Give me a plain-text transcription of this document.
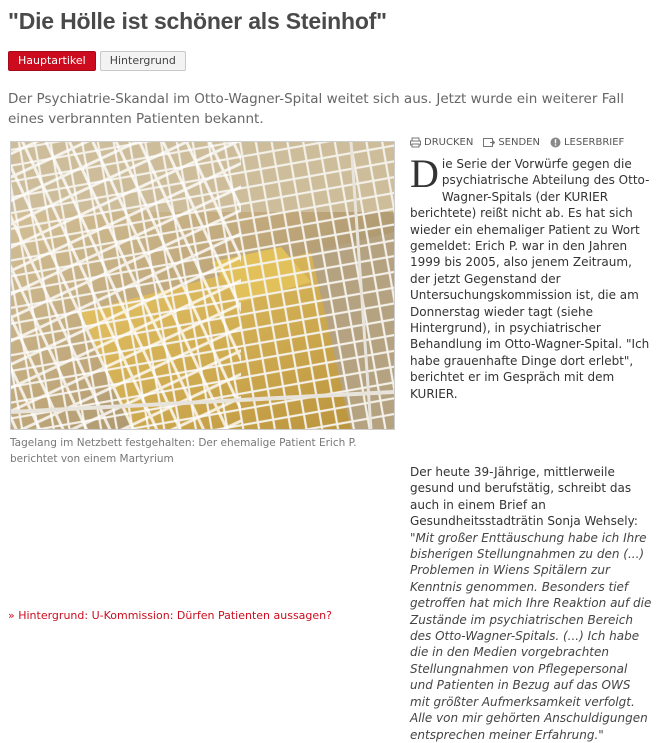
"Die Hölle ist schöner als Steinhof"
Hauptartikel	Hintergrund
Der Psychiatrie-Skandal im Otto-Wagner-Spital weitet sich aus. Jetzt wurde ein weiterer Fall eines verbrannten Patienten bekannt.
Tagelang im Netzbett festgehalten: Der ehemalige Patient Erich P. berichtet von einem Martyrium
DRUCKEN	SENDEN LESERBRIEF
D ie Serie der Vorwürfe gegen die psychiatrische Abteilung des Otto-Wagner-Spitals (der KURIER berichtete) reißt nicht ab. Es hat sich wieder ein ehemaliger Patient zu Wort gemeldet: Erich P. war in den Jahren 1999 bis 2005, also jenem Zeitraum, der jetzt Gegenstand der Untersuchungskommission ist, die am Donnerstag wieder tagt (siehe Hintergrund), in psychiatrischer Behandlung im Otto-Wagner-Spital. "Ich habe grauenhafte Dinge dort erlebt", berichtet er im Gespräch mit dem KURIER.

Der heute 39-Jährige, mittlerweile gesund und berufstätig, schreibt das auch in einem Brief an Gesundheitsstadträtin Sonja Wehsely: "Mit großer Enttäuschung habe ich Ihre bisherigen Stellungnahmen zu den (...) Problemen in Wiens Spitälern zur Kenntnis genommen. Besonders tief getroffen hat mich Ihre Reaktion auf die Zustände im psychiatrischen Bereich des Otto-Wagner-Spitals. (...) Ich habe die in den Medien vorgebrachten Stellungnahmen von Pflegepersonal und Patienten in Bezug auf das OWS mit größter Aufmerksamkeit verfolgt. Alle von mir gehörten Anschuldigungen entsprechen meiner Erfahrung."

» Hintergrund: U-Kommission: Dürfen Patienten aussagen?
